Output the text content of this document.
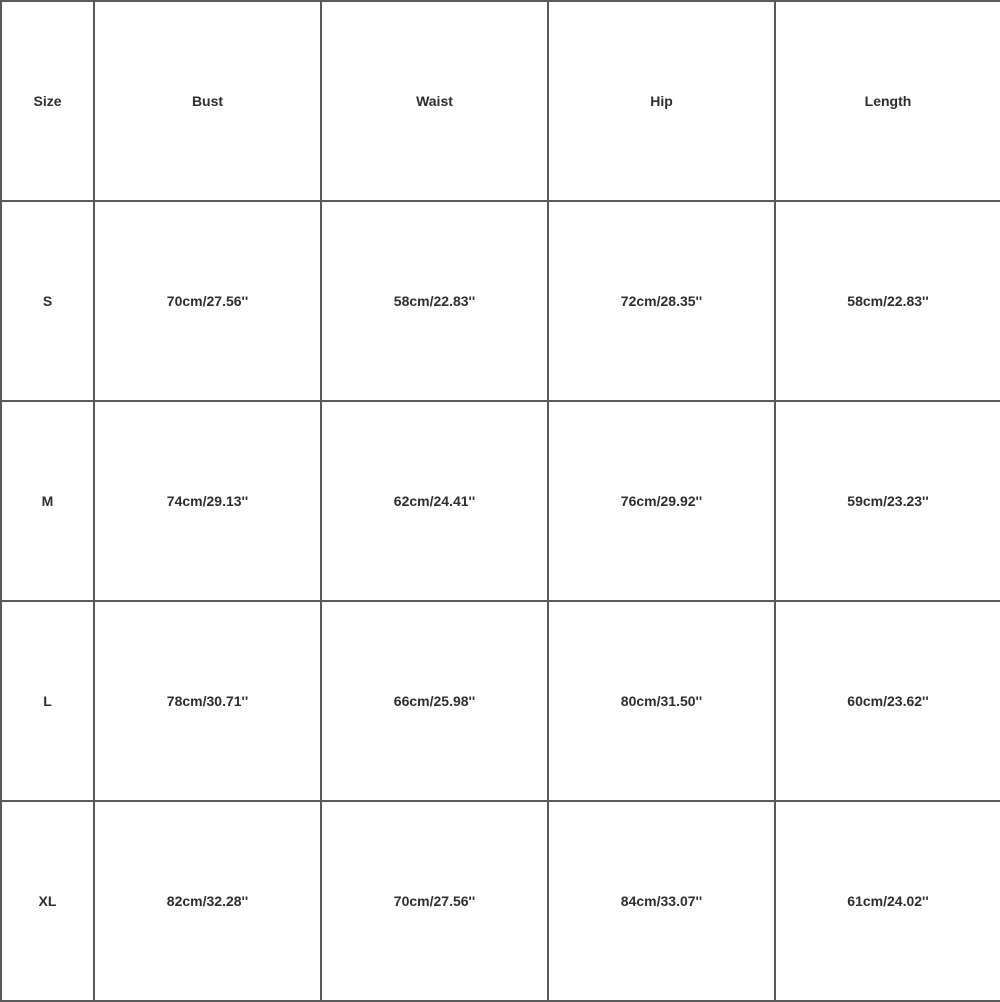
Size	Bust	Waist	Hip	Length
S	70cm/27.56''	58cm/22.83''	72cm/28.35''	58cm/22.83''
M	74cm/29.13''	62cm/24.41''	76cm/29.92''	59cm/23.23''
L	78cm/30.71''	66cm/25.98''	80cm/31.50''	60cm/23.62''
XL	82cm/32.28''	70cm/27.56''	84cm/33.07''	61cm/24.02''
